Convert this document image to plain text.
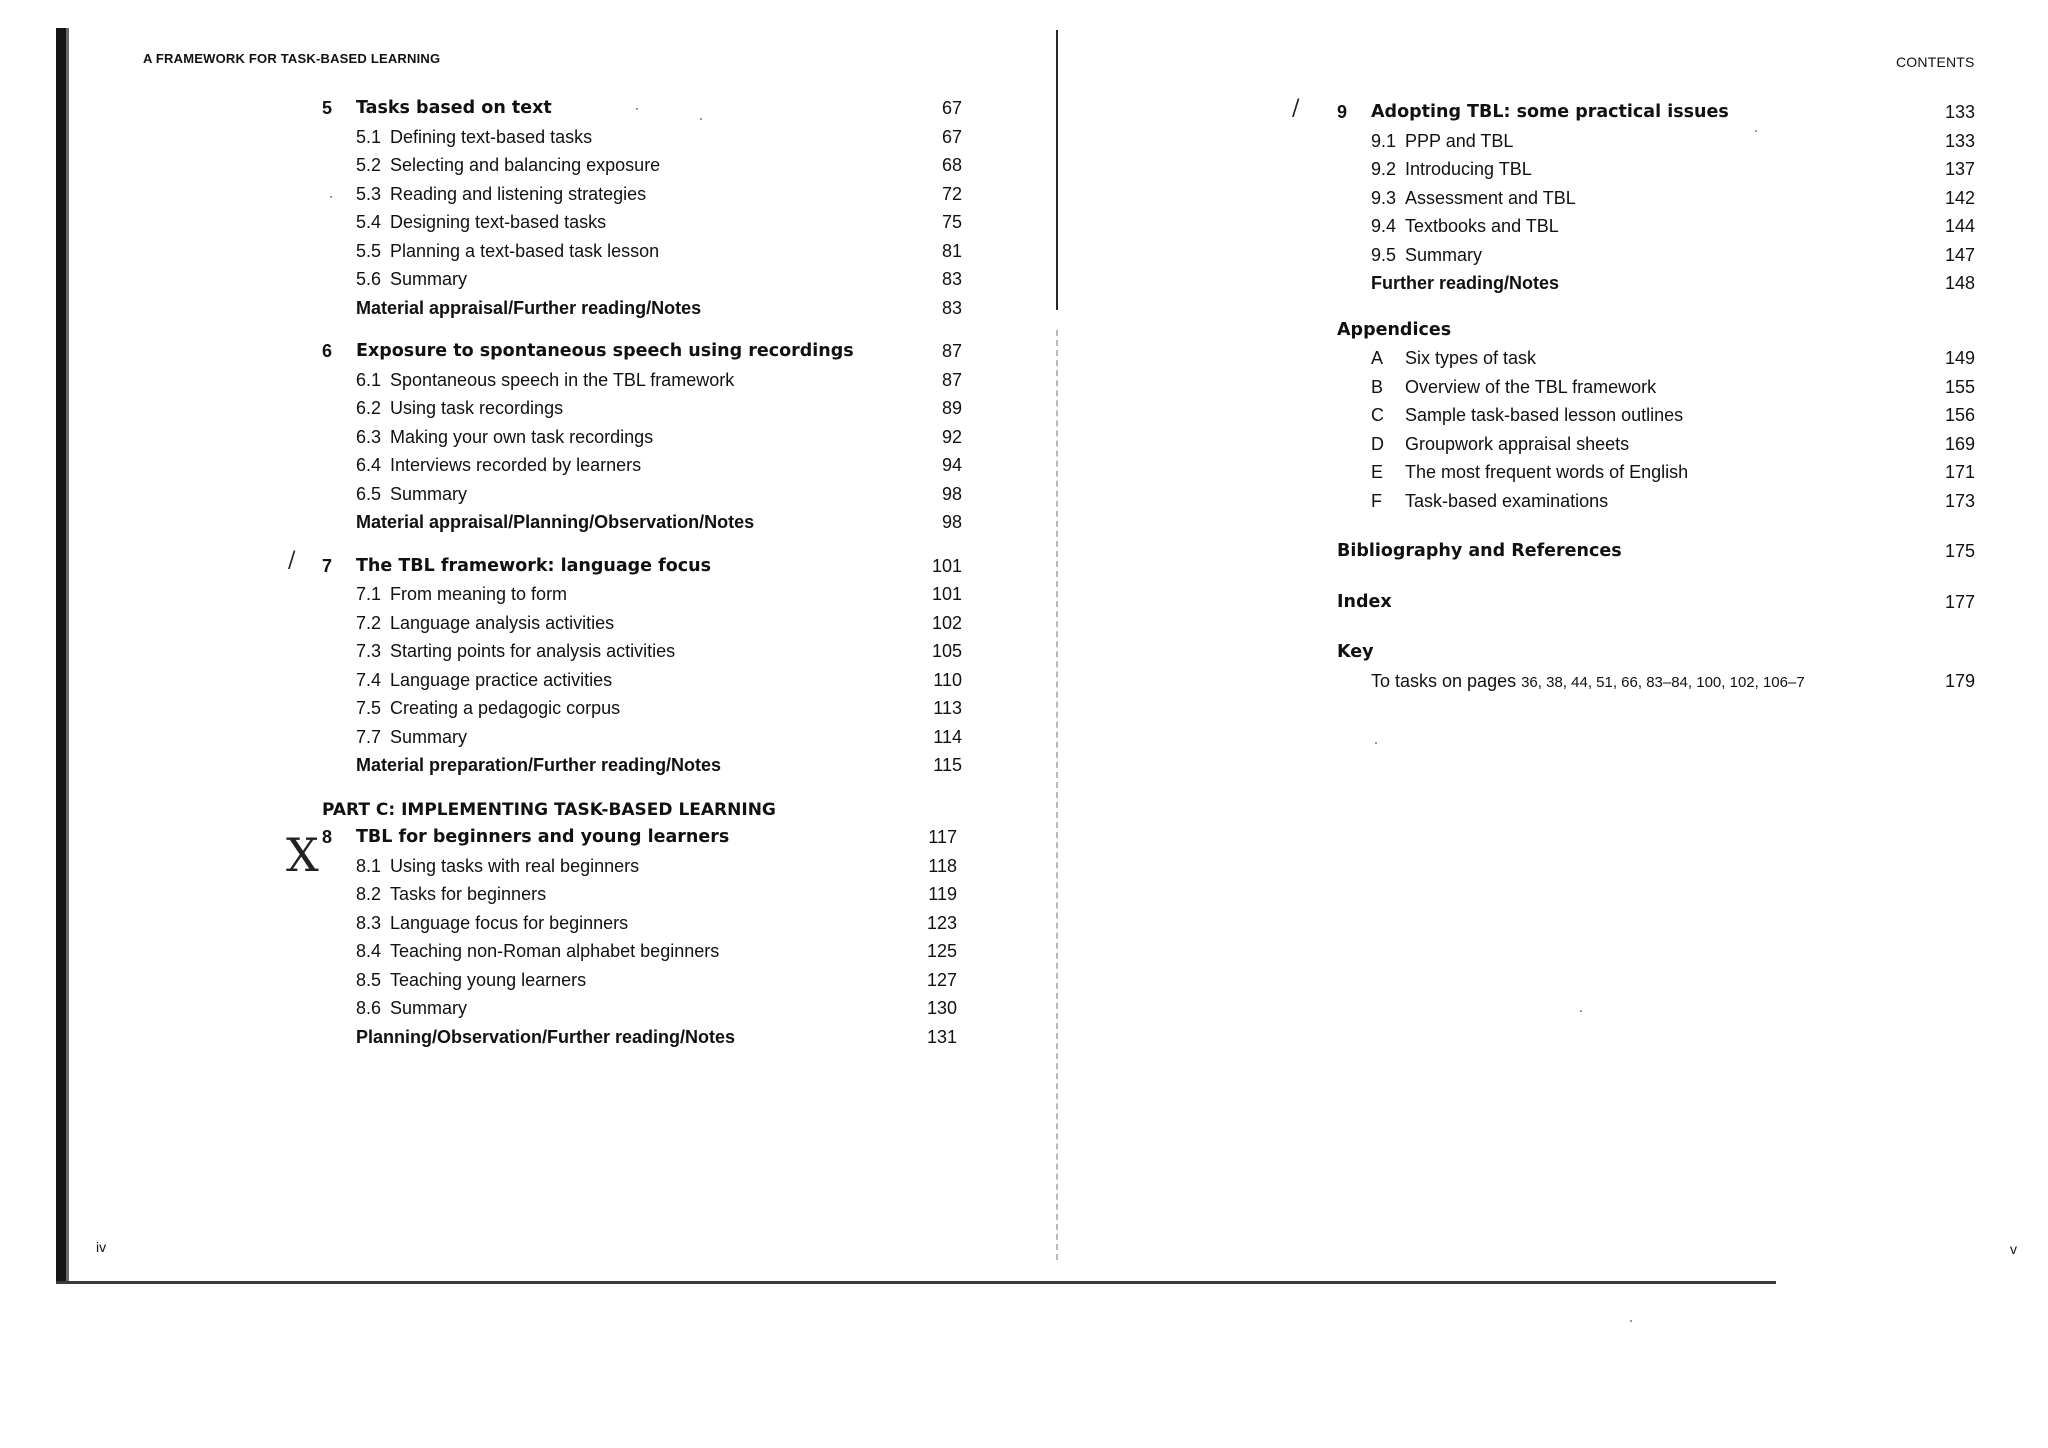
A FRAMEWORK FOR TASK-BASED LEARNING	CONTENTS
iv	v
/
X
/
5 Tasks based on text	67
5.1 Defining text-based tasks	67
5.2 Selecting and balancing exposure	68
5.3 Reading and listening strategies	72
5.4 Designing text-based tasks	75
5.5 Planning a text-based task lesson	81
5.6 Summary	83
Material appraisal/Further reading/Notes	83
6 Exposure to spontaneous speech using recordings	87
6.1 Spontaneous speech in the TBL framework	87
6.2 Using task recordings	89
6.3 Making your own task recordings	92
6.4 Interviews recorded by learners	94
6.5 Summary	98
Material appraisal/Planning/Observation/Notes	98
7 The TBL framework: language focus	101
7.1 From meaning to form	101
7.2 Language analysis activities	102
7.3 Starting points for analysis activities	105
7.4 Language practice activities	110
7.5 Creating a pedagogic corpus	113
7.7 Summary	114
Material preparation/Further reading/Notes	115
PART C: IMPLEMENTING TASK-BASED LEARNING
8 TBL for beginners and young learners	117
8.1 Using tasks with real beginners	118
8.2 Tasks for beginners	119
8.3 Language focus for beginners	123
8.4 Teaching non-Roman alphabet beginners	125
8.5 Teaching young learners	127
8.6 Summary	130
Planning/Observation/Further reading/Notes	131
9 Adopting TBL: some practical issues	133
9.1 PPP and TBL	133
9.2 Introducing TBL	137
9.3 Assessment and TBL	142
9.4 Textbooks and TBL	144
9.5 Summary	147
Further reading/Notes	148
Appendices
A Six types of task	149
B Overview of the TBL framework	155
C Sample task-based lesson outlines	156
D Groupwork appraisal sheets	169
E The most frequent words of English	171
F Task-based examinations	173
Bibliography and References	175
Index	177
Key
To tasks on pages 36, 38, 44, 51, 66, 83–84, 100, 102, 106–7	179
